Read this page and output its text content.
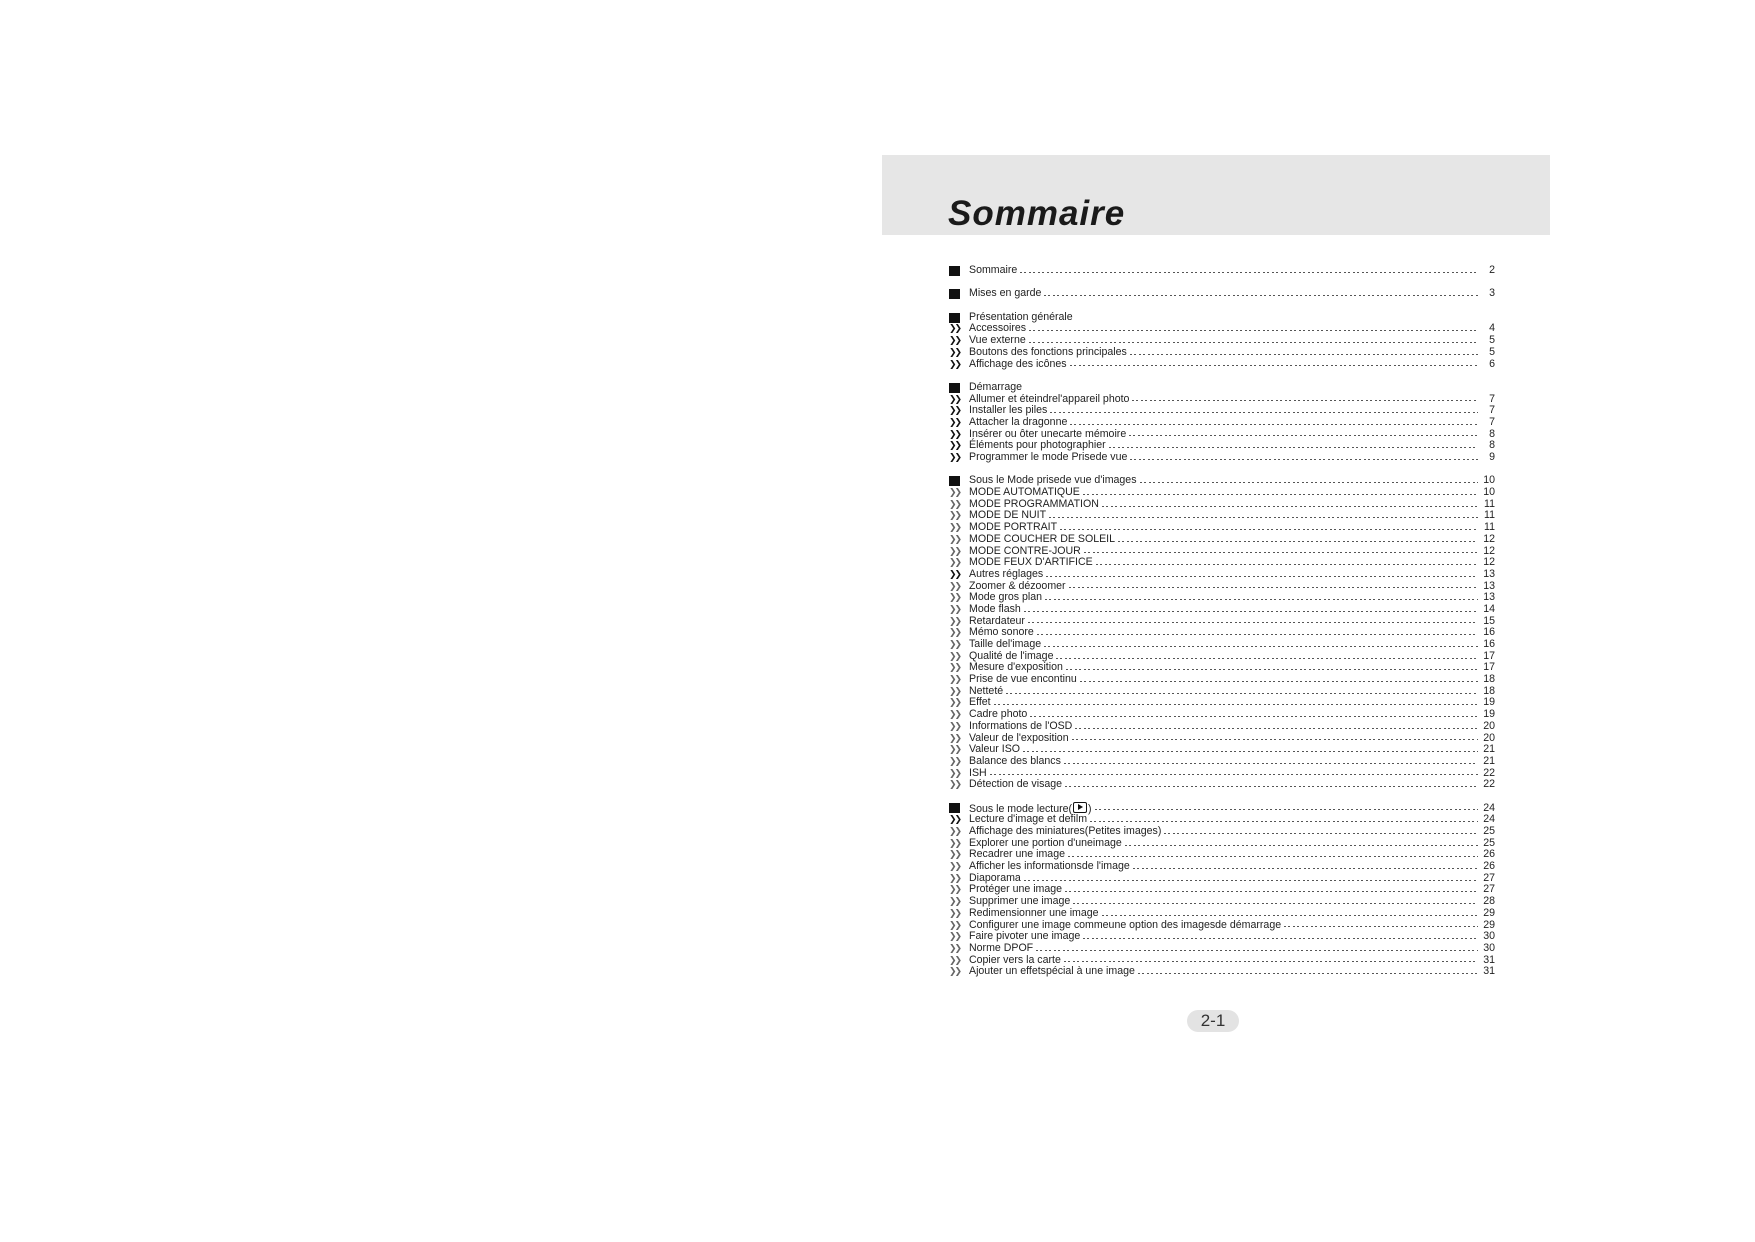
Sommaire
Sommaire	2
Mises en garde	3
Présentation générale
❯❯ Accessoires	4
❯❯ Vue externe	5
❯❯ Boutons des fonctions principales	5
❯❯ Affichage des icônes	6
Démarrage
❯❯ Allumer et éteindrel'appareil photo	7
❯❯ Installer les piles	7
❯❯ Attacher la dragonne	7
❯❯ Insérer ou ôter unecarte mémoire	8
❯❯ Éléments pour photographier	8
❯❯ Programmer le mode Prisede vue	9
Sous le Mode prisede vue d'images	10
❯❯ MODE AUTOMATIQUE	10
❯❯ MODE PROGRAMMATION	11
❯❯ MODE DE NUIT	11
❯❯ MODE PORTRAIT	11
❯❯ MODE COUCHER DE SOLEIL	12
❯❯ MODE CONTRE-JOUR	12
❯❯ MODE FEUX D'ARTIFICE	12
❯❯ Autres réglages	13
❯❯ Zoomer & dézoomer	13
❯❯ Mode gros plan	13
❯❯ Mode flash	14
❯❯ Retardateur	15
❯❯ Mémo sonore	16
❯❯ Taille del'image	16
❯❯ Qualité de l'image	17
❯❯ Mesure d'exposition	17
❯❯ Prise de vue encontinu	18
❯❯ Netteté	18
❯❯ Effet	19
❯❯ Cadre photo	19
❯❯ Informations de l'OSD	20
❯❯ Valeur de l'exposition	20
❯❯ Valeur ISO	21
❯❯ Balance des blancs	21
❯❯ ISH	22
❯❯ Détection de visage	22
Sous le mode lecture( )	24
❯❯ Lecture d'image et defilm	24
❯❯ Affichage des miniatures(Petites images)	25
❯❯ Explorer une portion d'uneimage	25
❯❯ Recadrer une image	26
❯❯ Afficher les informationsde l'image	26
❯❯ Diaporama	27
❯❯ Protéger une image	27
❯❯ Supprimer une image	28
❯❯ Redimensionner une image	29
❯❯ Configurer une image commeune option des imagesde démarrage	29
❯❯ Faire pivoter une image	30
❯❯ Norme DPOF	30
❯❯ Copier vers la carte	31
❯❯ Ajouter un effetspécial à une image	31
2-1
